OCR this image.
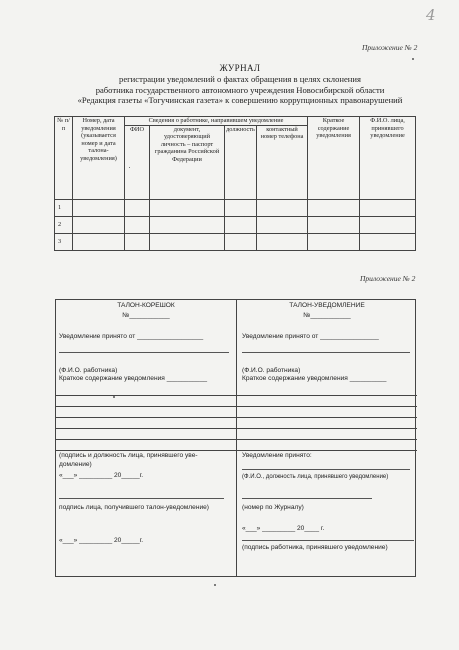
4
Приложение № 2
ЖУРНАЛ
регистрации уведомлений о фактах обращения в целях склонения
работника государственного автономного учреждения Новосибирской области
«Редакция газеты «Тогучинская газета» к совершению коррупционных правонарушений
№ п/п	Номер, дата уведомления (указывается номер и дата талона-уведомления)	Сведения о работнике, направившем уведомление				Краткое содержание уведомления	Ф.И.О. лица, принявшего уведомление
		ФИО	документ, удостоверяющий личность – паспорт гражданина Российской Федерации	должность	контактный номер телефона		
1							
2							
3							
Приложение № 2
ТАЛОН-КОРЕШОК
№___________
Уведомление принято от __________________
(Ф.И.О. работника)
Краткое содержание уведомления ___________
(подпись и должность лица, принявшего уве-
домление)
«___» _________ 20_____г.
подпись лица, получившего талон-уведомление)
«___» _________ 20_____г.
ТАЛОН-УВЕДОМЛЕНИЕ
№___________
Уведомление принято от ________________
(Ф.И.О. работника)
Краткое содержание уведомления __________
Уведомление принято:
(Ф.И.О., должность лица, принявшего уведомление)
(номер по Журналу)
«___» _________ 20____ г.
(подпись работника, принявшего уведомление)
